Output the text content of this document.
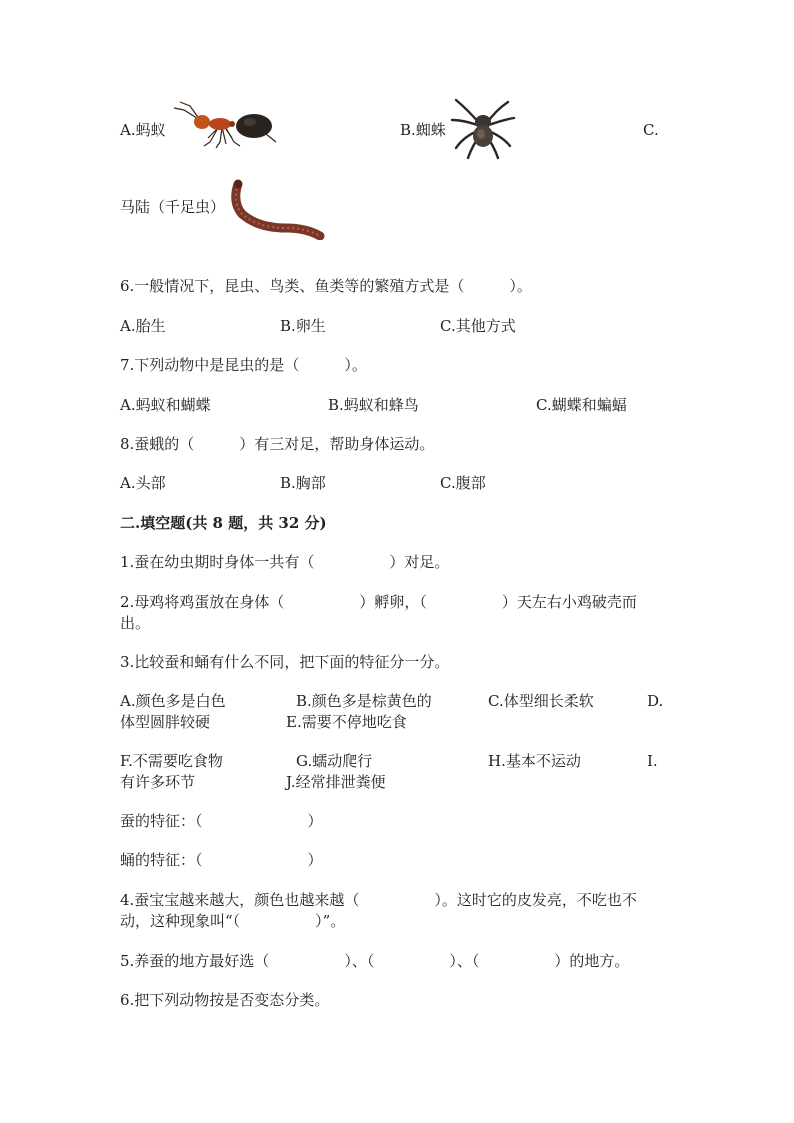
A.蚂蚁	B.蜘蛛	C.
马陆（千足虫）
6.一般情况下，昆虫、鸟类、鱼类等的繁殖方式是（　　　）。
A.胎生	B.卵生	C.其他方式
7.下列动物中是昆虫的是（　　　）。
A.蚂蚁和蝴蝶	B.蚂蚁和蜂鸟	C.蝴蝶和蝙蝠
8.蚕蛾的（　　　）有三对足，帮助身体运动。
A.头部	B.胸部	C.腹部
二.填空题(共 8 题，共 32 分)
1.蚕在幼虫期时身体一共有（　　　　　）对足。
2.母鸡将鸡蛋放在身体（　　　　　）孵卵，（　　　　　）天左右小鸡破壳而
出。
3.比较蚕和蛹有什么不同，把下面的特征分一分。
A.颜色多是白色	B.颜色多是棕黄色的	C.体型细长柔软	D.
体型圆胖较硬	E.需要不停地吃食
F.不需要吃食物	G.蠕动爬行	H.基本不运动	I.
有许多环节	J.经常排泄粪便
蚕的特征：（　　　　　　　）
蛹的特征：（　　　　　　　）
4.蚕宝宝越来越大，颜色也越来越（　　　　　）。这时它的皮发亮，不吃也不
动，这种现象叫“（　　　　　）”。
5.养蚕的地方最好选（　　　　　）、（　　　　　）、（　　　　　）的地方。
6.把下列动物按是否变态分类。
